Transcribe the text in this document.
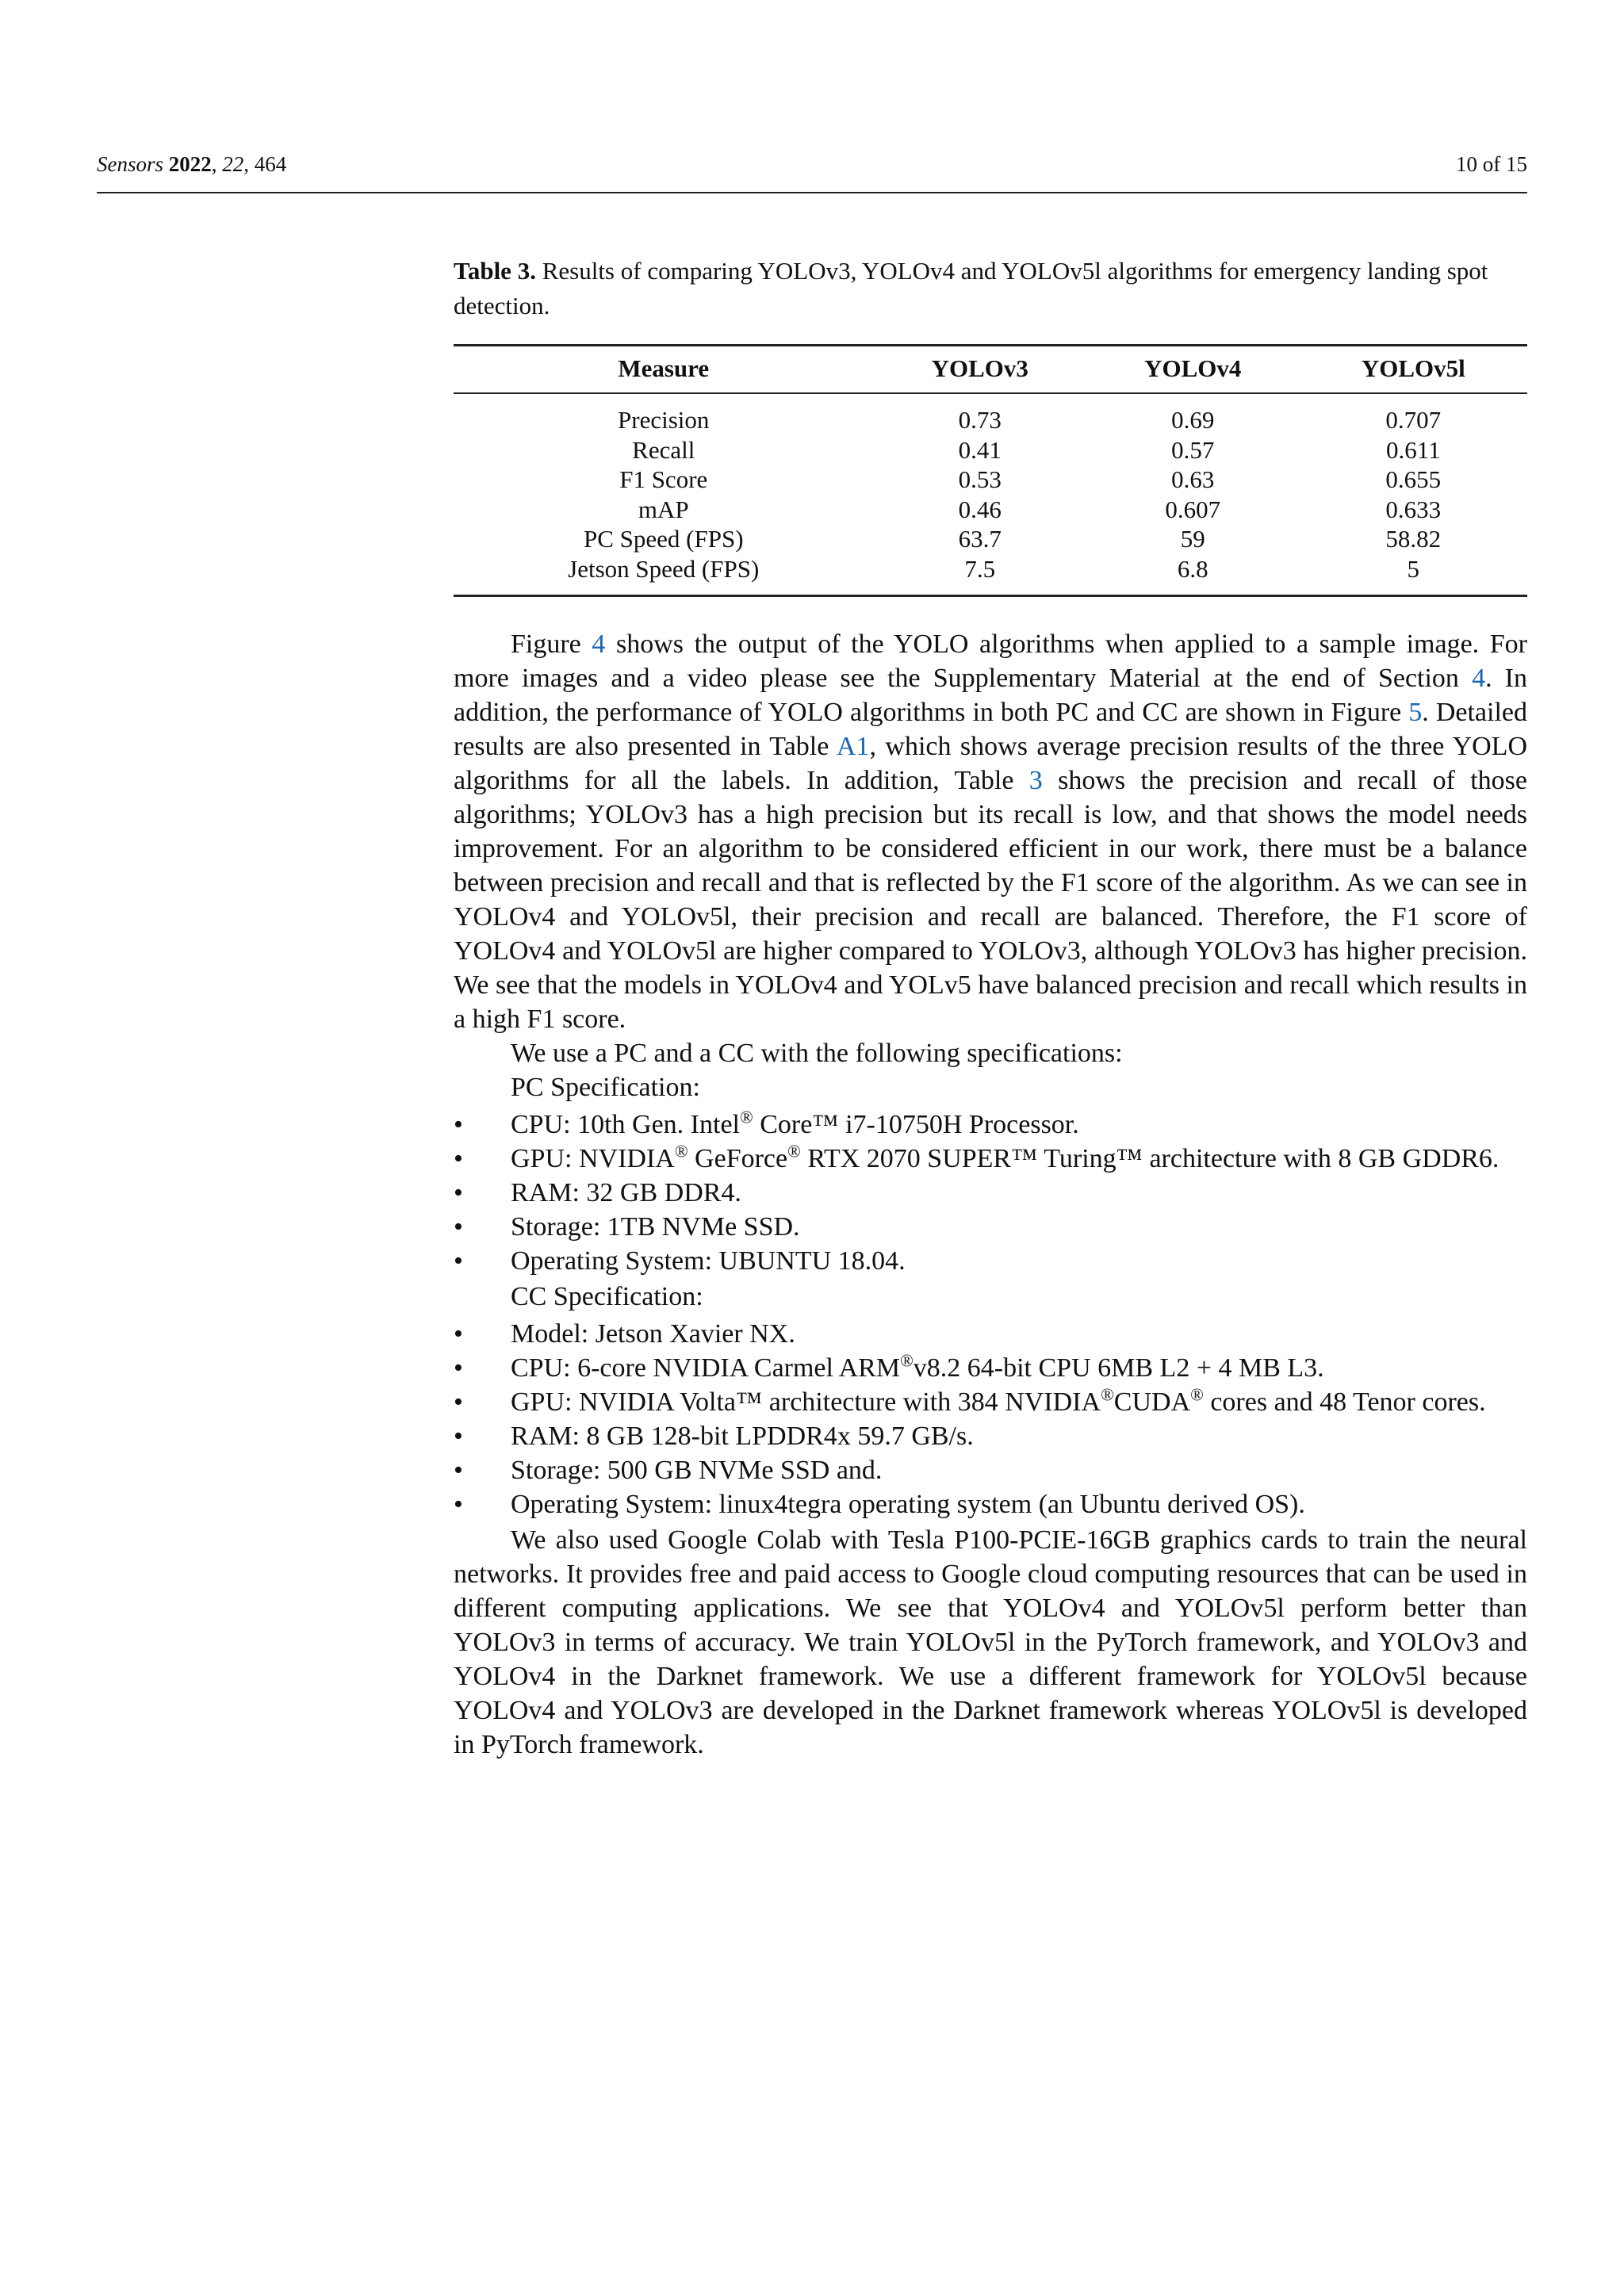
Sensors 2022, 22, 464	10 of 15

Table 3. Results of comparing YOLOv3, YOLOv4 and YOLOv5l algorithms for emergency landing spot detection.

Measure	YOLOv3	YOLOv4	YOLOv5l
Precision	0.73	0.69	0.707
Recall	0.41	0.57	0.611
F1 Score	0.53	0.63	0.655
mAP	0.46	0.607	0.633
PC Speed (FPS)	63.7	59	58.82
Jetson Speed (FPS)	7.5	6.8	5

Figure 4 shows the output of the YOLO algorithms when applied to a sample image. For more images and a video please see the Supplementary Material at the end of Section 4. In addition, the performance of YOLO algorithms in both PC and CC are shown in Figure 5. Detailed results are also presented in Table A1, which shows average precision results of the three YOLO algorithms for all the labels. In addition, Table 3 shows the precision and recall of those algorithms; YOLOv3 has a high precision but its recall is low, and that shows the model needs improvement. For an algorithm to be considered efficient in our work, there must be a balance between precision and recall and that is reflected by the F1 score of the algorithm. As we can see in YOLOv4 and YOLOv5l, their precision and recall are balanced. Therefore, the F1 score of YOLOv4 and YOLOv5l are higher compared to YOLOv3, although YOLOv3 has higher precision. We see that the models in YOLOv4 and YOLv5 have balanced precision and recall which results in a high F1 score.

We use a PC and a CC with the following specifications:

PC Specification:

• CPU: 10th Gen. Intel® Core™ i7-10750H Processor.
• GPU: NVIDIA® GeForce® RTX 2070 SUPER™ Turing™ architecture with 8 GB GDDR6.
• RAM: 32 GB DDR4.
• Storage: 1TB NVMe SSD.
• Operating System: UBUNTU 18.04.

CC Specification:

• Model: Jetson Xavier NX.
• CPU: 6-core NVIDIA Carmel ARM®v8.2 64-bit CPU 6MB L2 + 4 MB L3.
• GPU: NVIDIA Volta™ architecture with 384 NVIDIA®CUDA® cores and 48 Tenor cores.
• RAM: 8 GB 128-bit LPDDR4x 59.7 GB/s.
• Storage: 500 GB NVMe SSD and.
• Operating System: linux4tegra operating system (an Ubuntu derived OS).

We also used Google Colab with Tesla P100-PCIE-16GB graphics cards to train the neural networks. It provides free and paid access to Google cloud computing resources that can be used in different computing applications. We see that YOLOv4 and YOLOv5l perform better than YOLOv3 in terms of accuracy. We train YOLOv5l in the PyTorch framework, and YOLOv3 and YOLOv4 in the Darknet framework. We use a different framework for YOLOv5l because YOLOv4 and YOLOv3 are developed in the Darknet framework whereas YOLOv5l is developed in PyTorch framework.
